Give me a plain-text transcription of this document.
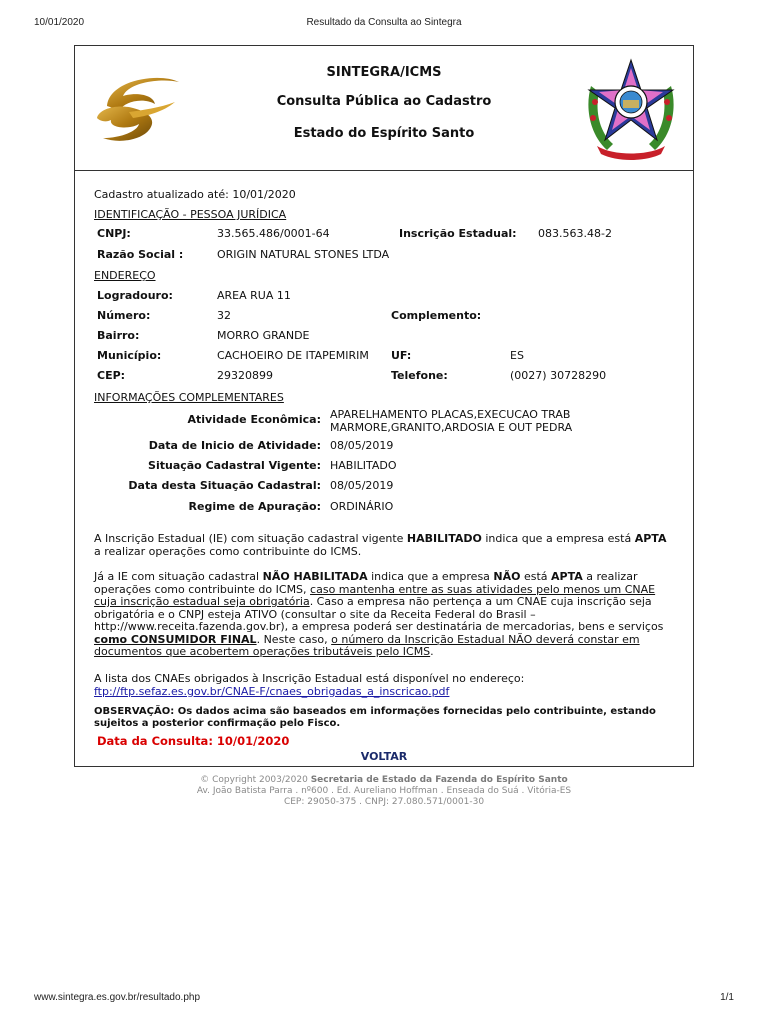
10/01/2020	Resultado da Consulta ao Sintegra
SINTEGRA/ICMS
Consulta Pública ao Cadastro
Estado do Espírito Santo
Cadastro atualizado até: 10/01/2020
IDENTIFICAÇÃO - PESSOA JURÍDICA
CNPJ:	33.565.486/0001-64	Inscrição Estadual: 083.563.48-2
Razão Social :	ORIGIN NATURAL STONES LTDA
ENDEREÇO
Logradouro:	AREA RUA 11
Número:	32	Complemento:
Bairro:	MORRO GRANDE
Município:	CACHOEIRO DE ITAPEMIRIM UF:	ES
CEP:	29320899	Telefone:	(0027) 30728290
INFORMAÇÕES COMPLEMENTARES
Atividade Econômica: APARELHAMENTO PLACAS,EXECUCAO TRAB
MARMORE,GRANITO,ARDOSIA E OUT PEDRA
Data de Inicio de Atividade: 08/05/2019
Situação Cadastral Vigente: HABILITADO
Data desta Situação Cadastral: 08/05/2019
Regime de Apuração: ORDINÁRIO
A Inscrição Estadual (IE) com situação cadastral vigente HABILITADO indica que a empresa está APTA a realizar operações como contribuinte do ICMS.
Já a IE com situação cadastral NÃO HABILITADA indica que a empresa NÃO está APTA a realizar operações como contribuinte do ICMS, caso mantenha entre as suas atividades pelo menos um CNAE cuja inscrição estadual seja obrigatória. Caso a empresa não pertença a um CNAE cuja inscrição seja obrigatória e o CNPJ esteja ATIVO (consultar o site da Receita Federal do Brasil – http://www.receita.fazenda.gov.br), a empresa poderá ser destinatária de mercadorias, bens e serviços como CONSUMIDOR FINAL. Neste caso, o número da Inscrição Estadual NÃO deverá constar em documentos que acobertem operações tributáveis pelo ICMS.
A lista dos CNAEs obrigados à Inscrição Estadual está disponível no endereço:
ftp://ftp.sefaz.es.gov.br/CNAE-F/cnaes_obrigadas_a_inscricao.pdf
OBSERVAÇÃO: Os dados acima são baseados em informações fornecidas pelo contribuinte, estando sujeitos a posterior confirmação pelo Fisco.
Data da Consulta: 10/01/2020
VOLTAR
© Copyright 2003/2020 Secretaria de Estado da Fazenda do Espírito Santo
Av. João Batista Parra . nº600 . Ed. Aureliano Hoffman . Enseada do Suá . Vitória-ES
CEP: 29050-375 . CNPJ: 27.080.571/0001-30
www.sintegra.es.gov.br/resultado.php	1/1
